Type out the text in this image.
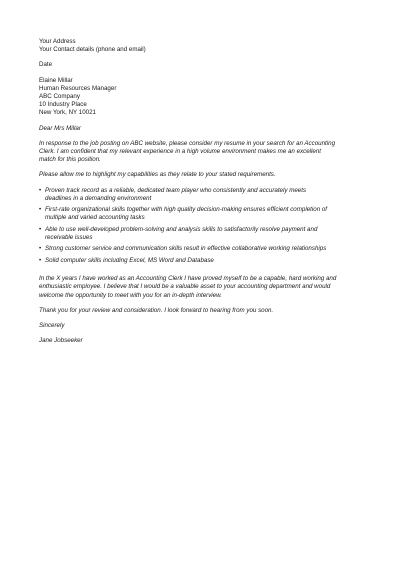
Your Address
Your Contact details (phone and email)
Date
Elaine Millar
Human Resources Manager
ABC Company
10 Industry Place
New York, NY 10021
Dear Mrs Millar
In response to the job posting on ABC website, please consider my resume in your search for an Accounting
Clerk. I am confident that my relevant experience in a high volume environment makes me an excellent
match for this position.
Please allow me to highlight my capabilities as they relate to your stated requirements.
• Proven track record as a reliable, dedicated team player who consistently and accurately meets
deadlines in a demanding environment
• First-rate organizational skills together with high quality decision-making ensures efficient completion of
multiple and varied accounting tasks
• Able to use well-developed problem-solving and analysis skills to satisfactorily resolve payment and
receivable issues
• Strong customer service and communication skills result in effective collaborative working relationships
• Solid computer skills including Excel, MS Word and Database
In the X years I have worked as an Accounting Clerk I have proved myself to be a capable, hard working and
enthusiastic employee. I believe that I would be a valuable asset to your accounting department and would
welcome the opportunity to meet with you for an in-depth interview.
Thank you for your review and consideration. I look forward to hearing from you soon.
Sincerely
Jane Jobseeker
